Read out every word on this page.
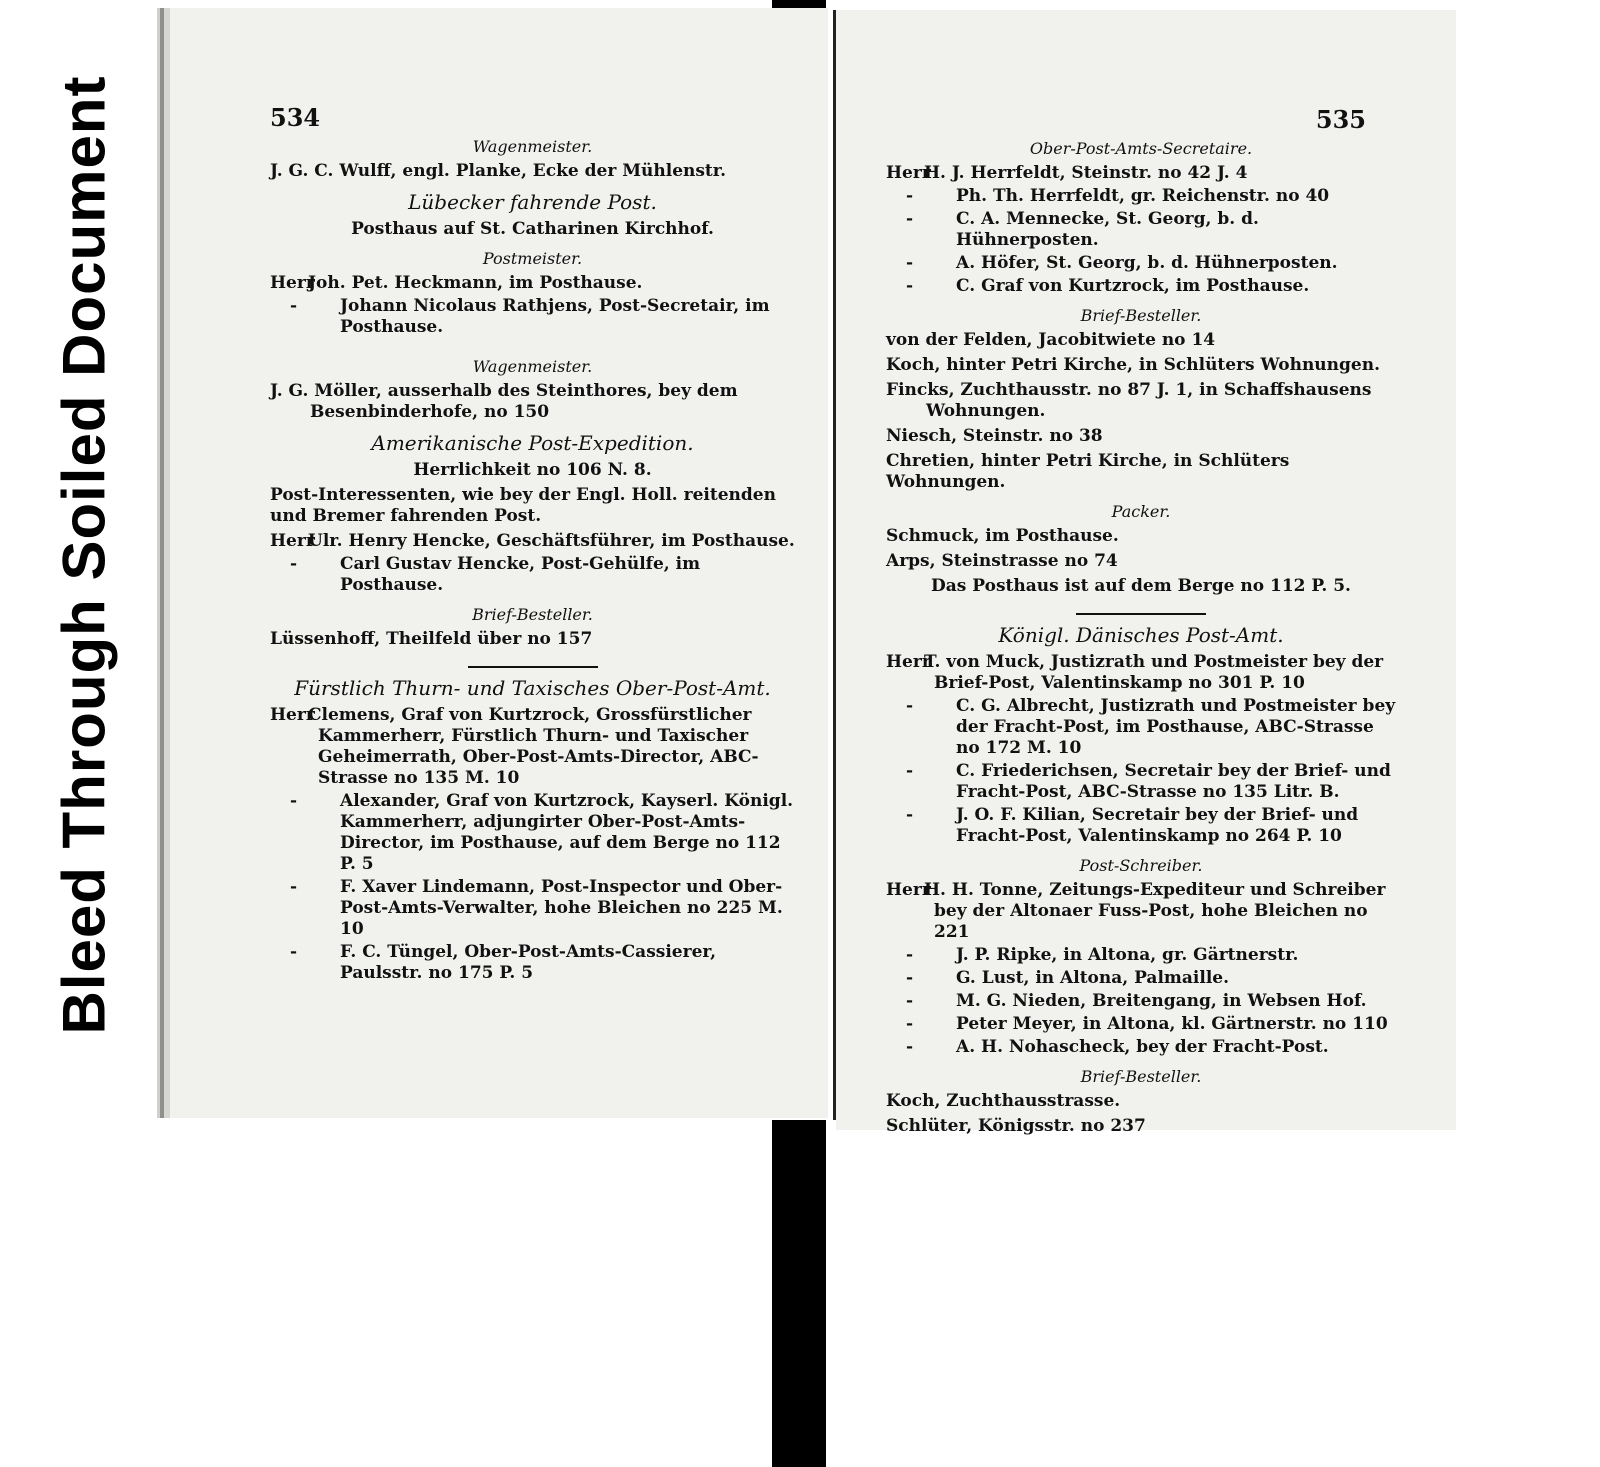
Bleed Through Soiled Document	534
Wagenmeister.
J. G. C. Wulff, engl. Planke, Ecke der Mühlenstr.
Lübecker fahrende Post.
Posthaus auf St. Catharinen Kirchhof.
Postmeister.
HerrJoh. Pet. Heckmann, im Posthause.
-	Johann Nicolaus Rathjens, Post-Secretair, im Posthause.
Wagenmeister.
J. G. Möller, ausserhalb des Steinthores, bey dem Besenbinderhofe, no 150
Amerikanische Post-Expedition.
Herrlichkeit no 106 N. 8.
Post-Interessenten, wie bey der Engl. Holl. reitenden und Bremer fahrenden Post.
HerrUlr. Henry Hencke, Geschäftsführer, im Posthause.
-	Carl Gustav Hencke, Post-Gehülfe, im Posthause.
Brief-Besteller.
Lüssenhoff, Theilfeld über no 157
Fürstlich Thurn- und Taxisches Ober-Post-Amt.
HerrClemens, Graf von Kurtzrock, Grossfürstlicher Kammerherr, Fürstlich Thurn- und Taxischer Geheimerrath, Ober-Post-Amts-Director, ABC-Strasse no 135 M. 10
-	Alexander, Graf von Kurtzrock, Kayserl. Königl. Kammerherr, adjungirter Ober-Post-Amts-Director, im Posthause, auf dem Berge no 112 P. 5
-	F. Xaver Lindemann, Post-Inspector und Ober-Post-Amts-Verwalter, hohe Bleichen no 225 M. 10
-	F. C. Tüngel, Ober-Post-Amts-Cassierer, Paulsstr. no 175 P. 5
535
Ober-Post-Amts-Secretaire.
HerrH. J. Herrfeldt, Steinstr. no 42 J. 4
-	Ph. Th. Herrfeldt, gr. Reichenstr. no 40
-	C. A. Mennecke, St. Georg, b. d. Hühnerposten.
-	A. Höfer, St. Georg, b. d. Hühnerposten.
-	C. Graf von Kurtzrock, im Posthause.
Brief-Besteller.
von der Felden, Jacobitwiete no 14
Koch, hinter Petri Kirche, in Schlüters Wohnungen.
Fincks, Zuchthausstr. no 87 J. 1, in Schaffshausens Wohnungen.
Niesch, Steinstr. no 38
Chretien, hinter Petri Kirche, in Schlüters Wohnungen.
Packer.
Schmuck, im Posthause.
Arps, Steinstrasse no 74
Das Posthaus ist auf dem Berge no 112 P. 5.
Königl. Dänisches Post-Amt.
HerrT. von Muck, Justizrath und Postmeister bey der Brief-Post, Valentinskamp no 301 P. 10
-	C. G. Albrecht, Justizrath und Postmeister bey der Fracht-Post, im Posthause, ABC-Strasse no 172 M. 10
-	C. Friederichsen, Secretair bey der Brief- und Fracht-Post, ABC-Strasse no 135 Litr. B.
-	J. O. F. Kilian, Secretair bey der Brief- und Fracht-Post, Valentinskamp no 264 P. 10
Post-Schreiber.
HerrH. H. Tonne, Zeitungs-Expediteur und Schreiber bey der Altonaer Fuss-Post, hohe Bleichen no 221
-	J. P. Ripke, in Altona, gr. Gärtnerstr.
-	G. Lust, in Altona, Palmaille.
-	M. G. Nieden, Breitengang, in Websen Hof.
-	Peter Meyer, in Altona, kl. Gärtnerstr. no 110
-	A. H. Nohascheck, bey der Fracht-Post.
Brief-Besteller.
Koch, Zuchthausstrasse.
Schlüter, Königsstr. no 237
